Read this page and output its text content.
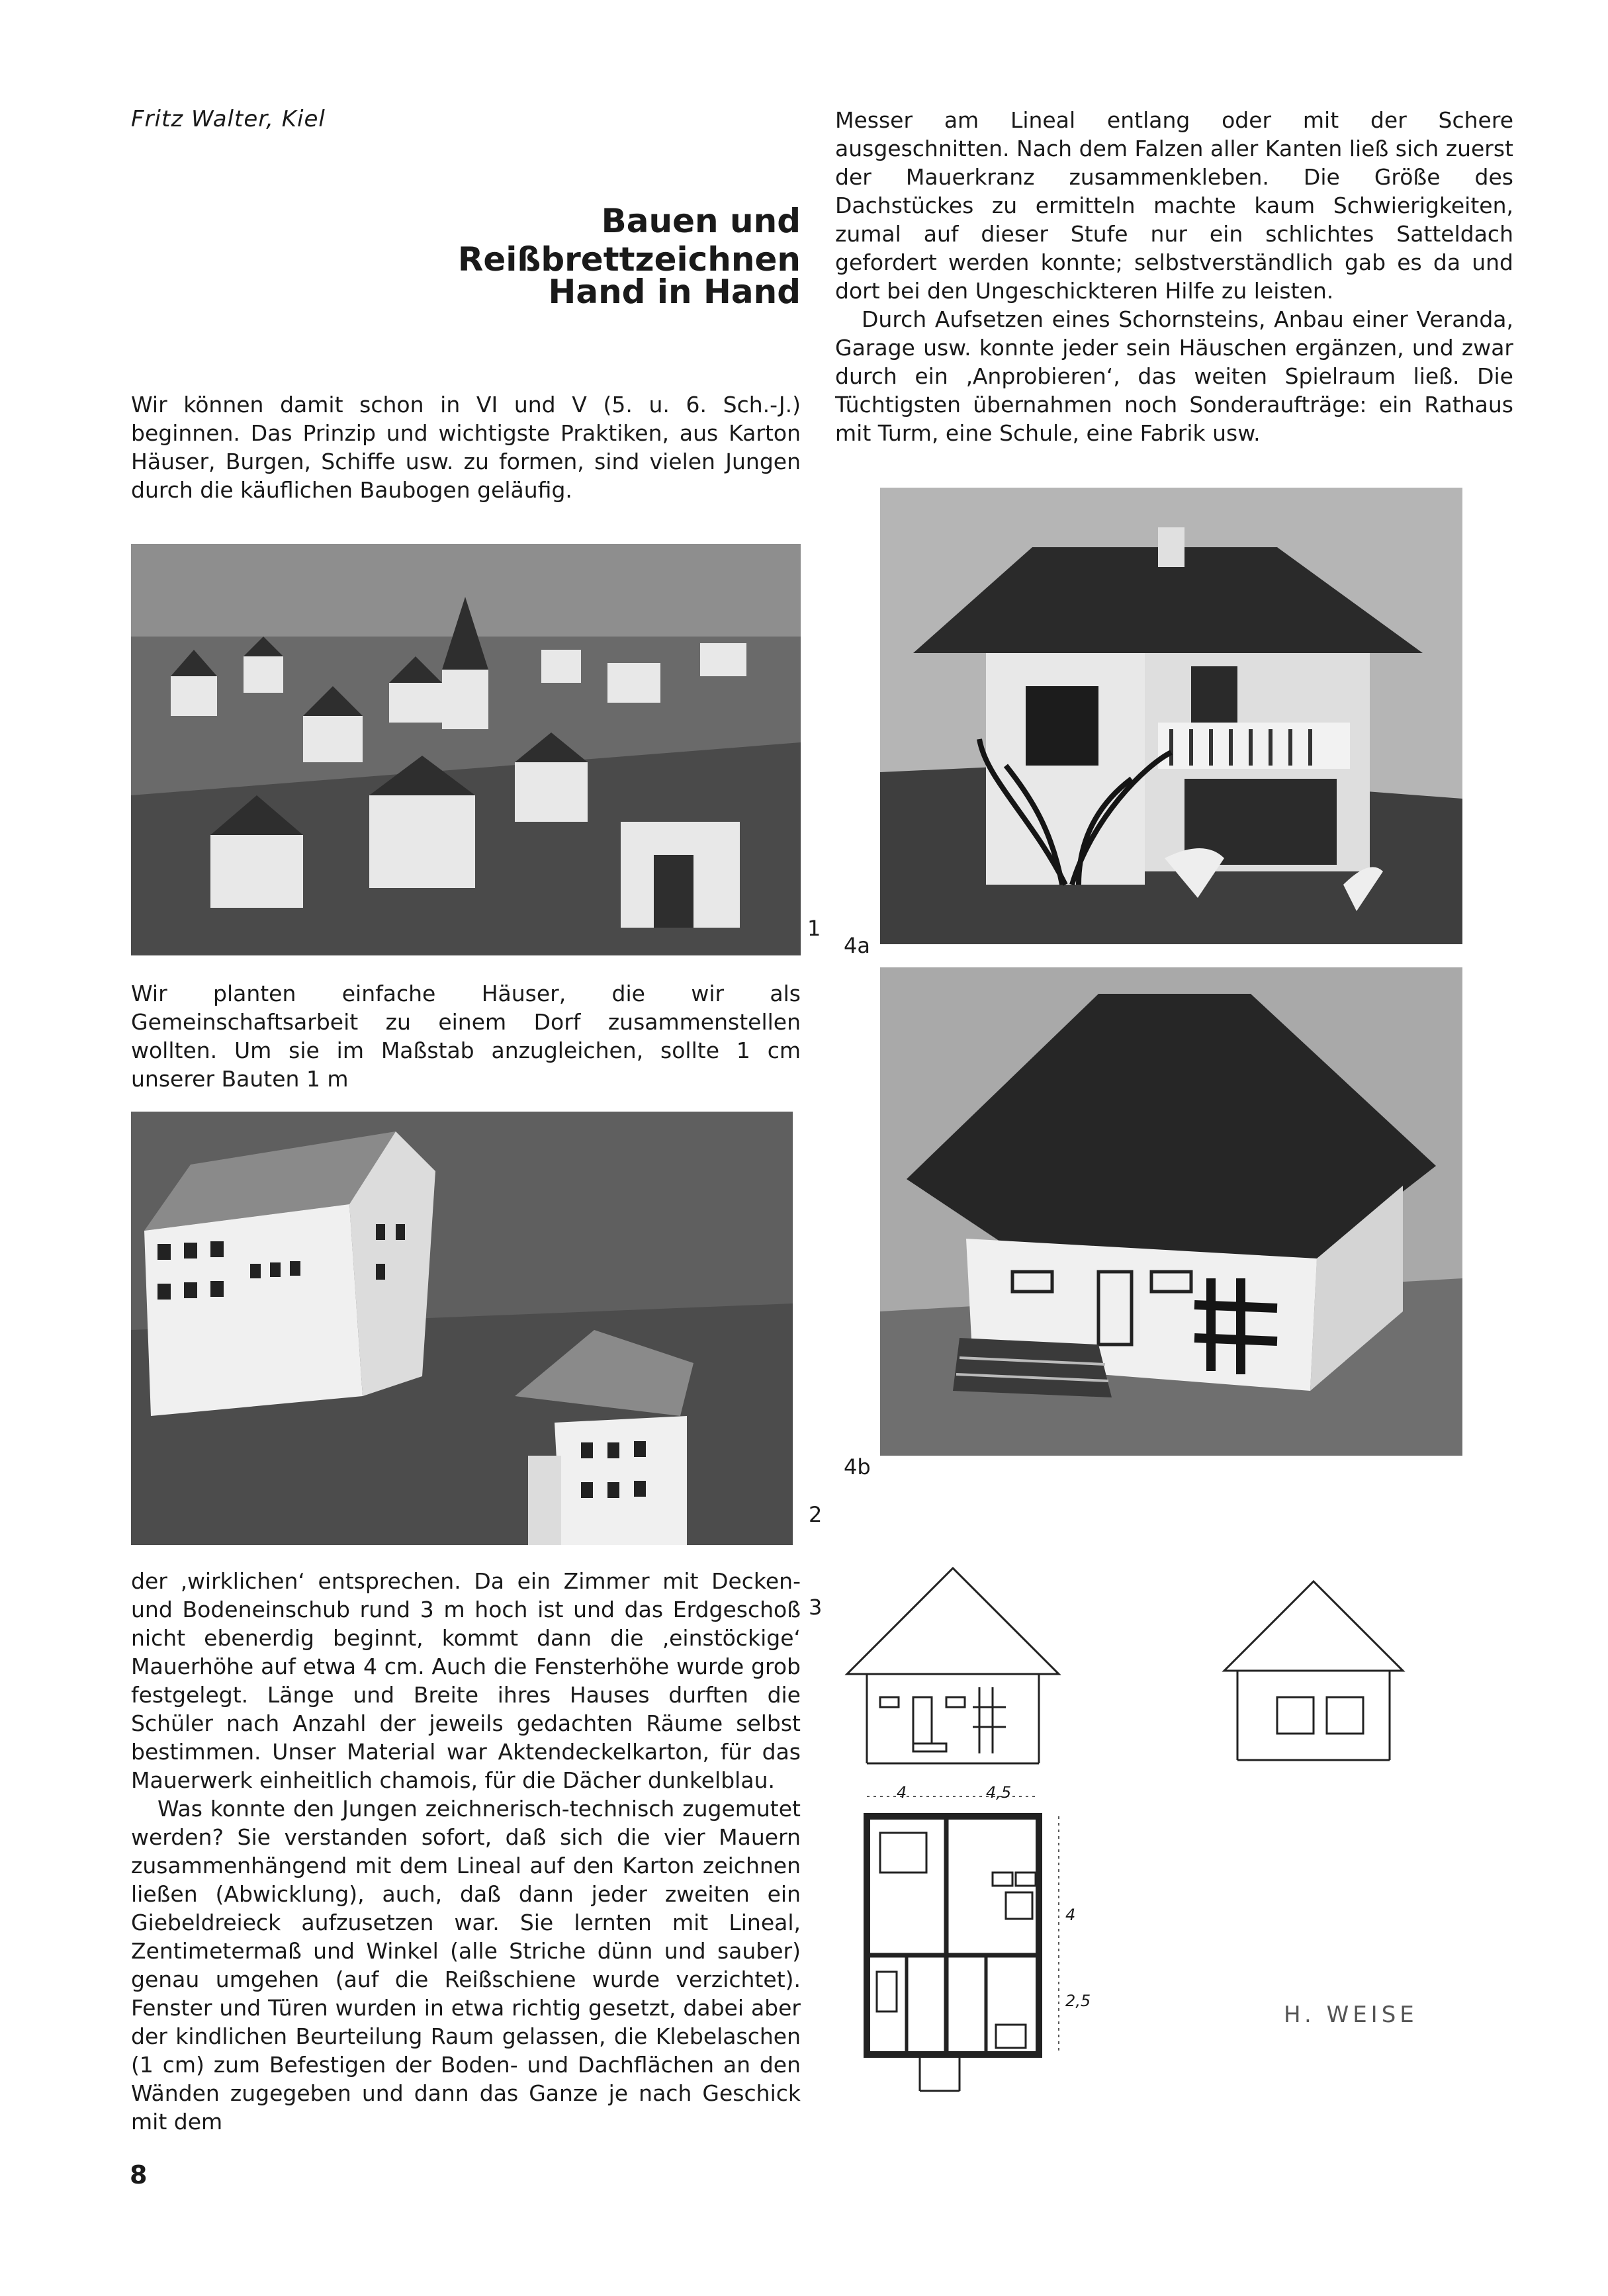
Fritz Walter, Kiel
Bauen und Reißbrettzeichnen
Hand in Hand
Wir können damit schon in VI und V (5. u. 6. Sch.-J.) beginnen. Das Prinzip und wichtigste Praktiken, aus Karton Häuser, Burgen, Schiffe usw. zu formen, sind vielen Jungen durch die käuflichen Baubogen geläufig.

Messer am Lineal entlang oder mit der Schere ausgeschnitten. Nach dem Falzen aller Kanten ließ sich zuerst der Mauerkranz zusammenkleben. Die Größe des Dachstückes zu ermitteln machte kaum Schwierigkeiten, zumal auf dieser Stufe nur ein schlichtes Satteldach gefordert werden konnte; selbstverständlich gab es da und dort bei den Ungeschickteren Hilfe zu leisten.

Durch Aufsetzen eines Schornsteins, Anbau einer Veranda, Garage usw. konnte jeder sein Häuschen ergänzen, und zwar durch ein ‚Anprobieren‘, das weiten Spielraum ließ. Die Tüchtigsten übernahmen noch Sonderaufträge: ein Rathaus mit Turm, eine Schule, eine Fabrik usw.

1
Wir planten einfache Häuser, die wir als Gemeinschaftsarbeit zu einem Dorf zusammenstellen wollten. Um sie im Maßstab anzugleichen, sollte 1 cm unserer Bauten 1 m
2

der ‚wirklichen‘ entsprechen. Da ein Zimmer mit Decken- und Bodeneinschub rund 3 m hoch ist und das Erdgeschoß nicht ebenerdig beginnt, kommt dann die ‚einstöckige‘ Mauerhöhe auf etwa 4 cm. Auch die Fensterhöhe wurde grob festgelegt. Länge und Breite ihres Hauses durften die Schüler nach Anzahl der jeweils gedachten Räume selbst bestimmen. Unser Material war Aktendeckelkarton, für das Mauerwerk einheitlich chamois, für die Dächer dunkelblau.

Was konnte den Jungen zeichnerisch-technisch zugemutet werden? Sie verstanden sofort, daß sich die vier Mauern zusammenhängend mit dem Lineal auf den Karton zeichnen ließen (Abwicklung), auch, daß dann jeder zweiten ein Giebeldreieck aufzusetzen war. Sie lernten mit Lineal, Zentimetermaß und Winkel (alle Striche dünn und sauber) genau umgehen (auf die Reißschiene wurde verzichtet). Fenster und Türen wurden in etwa richtig gesetzt, dabei aber der kindlichen Beurteilung Raum gelassen, die Klebelaschen (1 cm) zum Befestigen der Boden- und Dachflächen an den Wänden zugegeben und dann das Ganze je nach Geschick mit dem

3
4a
4b
4	4,5
4
2,5
H. WEISE
8
